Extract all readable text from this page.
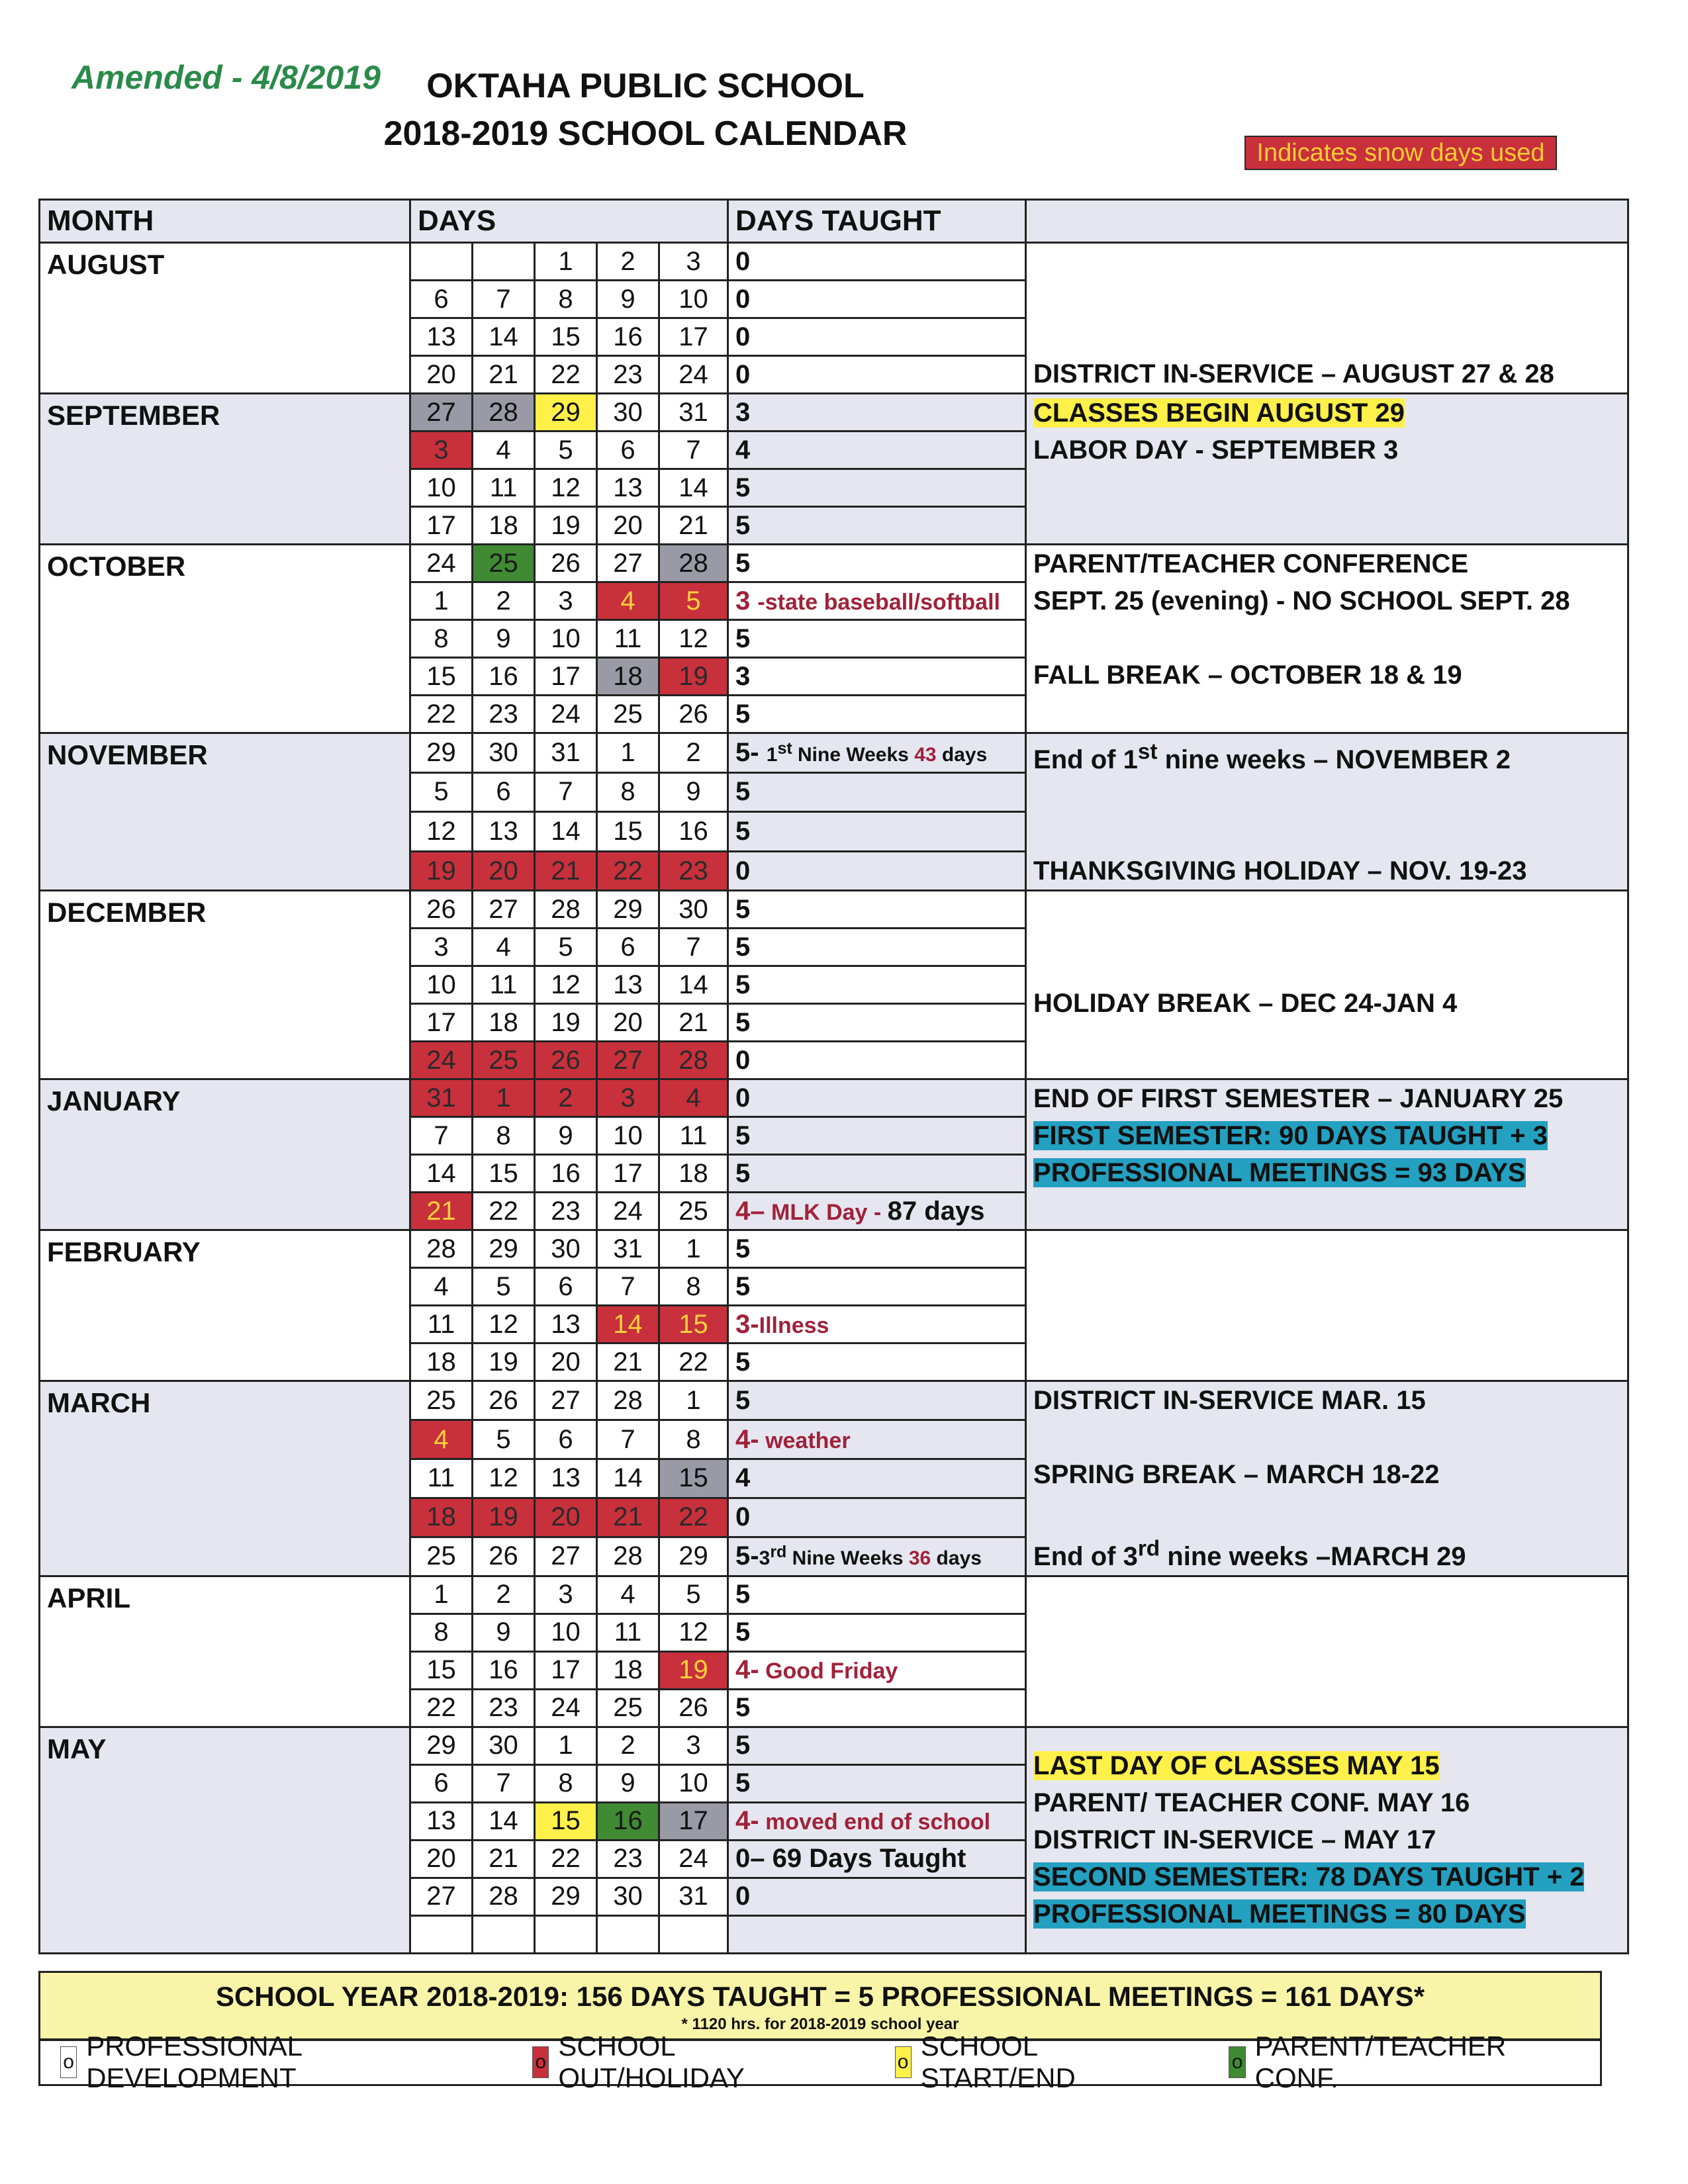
Amended - 4/8/2019	OKTAHA PUBLIC SCHOOL
2018-2019 SCHOOL CALENDAR	Indicates snow days used
MONTH	DAYS					DAYS TAUGHT	
AUGUST			1	2	3	0	DISTRICT IN-SERVICE – AUGUST 27 & 28
	6	7	8	9	10	0	
	13	14	15	16	17	0	
	20	21	22	23	24	0	
SEPTEMBER	27	28	29	30	31	3	CLASSES BEGIN AUGUST 29
LABOR DAY - SEPTEMBER 3
	3	4	5	6	7	4	
	10	11	12	13	14	5	
	17	18	19	20	21	5	
OCTOBER	24	25	26	27	28	5	PARENT/TEACHER CONFERENCE
SEPT. 25 (evening) - NO SCHOOL SEPT. 28

FALL BREAK – OCTOBER 18 & 19
	1	2	3	4	5	3 -state baseball/softball	
	8	9	10	11	12	5	
	15	16	17	18	19	3	
	22	23	24	25	26	5	
NOVEMBER	29	30	31	1	2	5- 1st Nine Weeks 43 days	End of 1st nine weeks – NOVEMBER 2

THANKSGIVING HOLIDAY – NOV. 19-23
	5	6	7	8	9	5	
	12	13	14	15	16	5	
	19	20	21	22	23	0	
DECEMBER	26	27	28	29	30	5	HOLIDAY BREAK – DEC 24-JAN 4
	3	4	5	6	7	5	
	10	11	12	13	14	5	
	17	18	19	20	21	5	
	24	25	26	27	28	0	
JANUARY	31	1	2	3	4	0	END OF FIRST SEMESTER – JANUARY 25
FIRST SEMESTER: 90 DAYS TAUGHT + 3
PROFESSIONAL MEETINGS = 93 DAYS
	7	8	9	10	11	5	
	14	15	16	17	18	5	
	21	22	23	24	25	4– MLK Day - 87 days	
FEBRUARY	28	29	30	31	1	5	
	4	5	6	7	8	5	
	11	12	13	14	15	3-Illness	
	18	19	20	21	22	5	
MARCH	25	26	27	28	1	5	DISTRICT IN-SERVICE MAR. 15

SPRING BREAK – MARCH 18-22

End of 3rd nine weeks –MARCH 29
	4	5	6	7	8	4- weather	
	11	12	13	14	15	4	
	18	19	20	21	22	0	
	25	26	27	28	29	5-3rd Nine Weeks 36 days	
APRIL	1	2	3	4	5	5	
	8	9	10	11	12	5	
	15	16	17	18	19	4- Good Friday	
	22	23	24	25	26	5	
MAY	29	30	1	2	3	5	LAST DAY OF CLASSES MAY 15
PARENT/ TEACHER CONF. MAY 16
DISTRICT IN-SERVICE – MAY 17
SECOND SEMESTER: 78 DAYS TAUGHT + 2
PROFESSIONAL MEETINGS = 80 DAYS
	6	7	8	9	10	5	
	13	14	15	16	17	4- moved end of school	
	20	21	22	23	24	0– 69 Days Taught	
	27	28	29	30	31	0	

SCHOOL YEAR 2018-2019: 156 DAYS TAUGHT = 5 PROFESSIONAL MEETINGS = 161 DAYS*
* 1120 hrs. for 2018-2019 school year
o
PROFESSIONAL DEVELOPMENT
o
SCHOOL OUT/HOLIDAY
o
SCHOOL START/END
o
PARENT/TEACHER CONF.
